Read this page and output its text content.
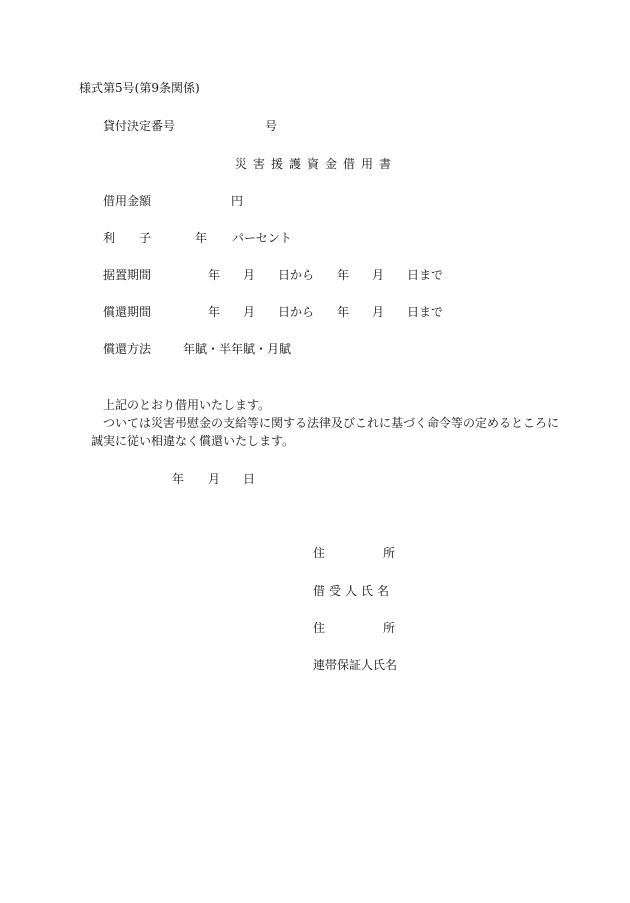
様式第5号(第9条関係)
貸付決定番号	号
災害援護資金借用書
借用金額	円
利 子	年 パーセント
据置期間	年 月 日から 年 月 日まで
償還期間	年 月 日から 年 月 日まで
償還方法	年賦・半年賦・月賦
上記のとおり借用いたします。
ついては災害弔慰金の支給等に関する法律及びこれに基づく命令等の定めるところに
誠実に従い相違なく償還いたします。
年 月 日
住	所
借受人氏名
住	所
連帯保証人氏名
